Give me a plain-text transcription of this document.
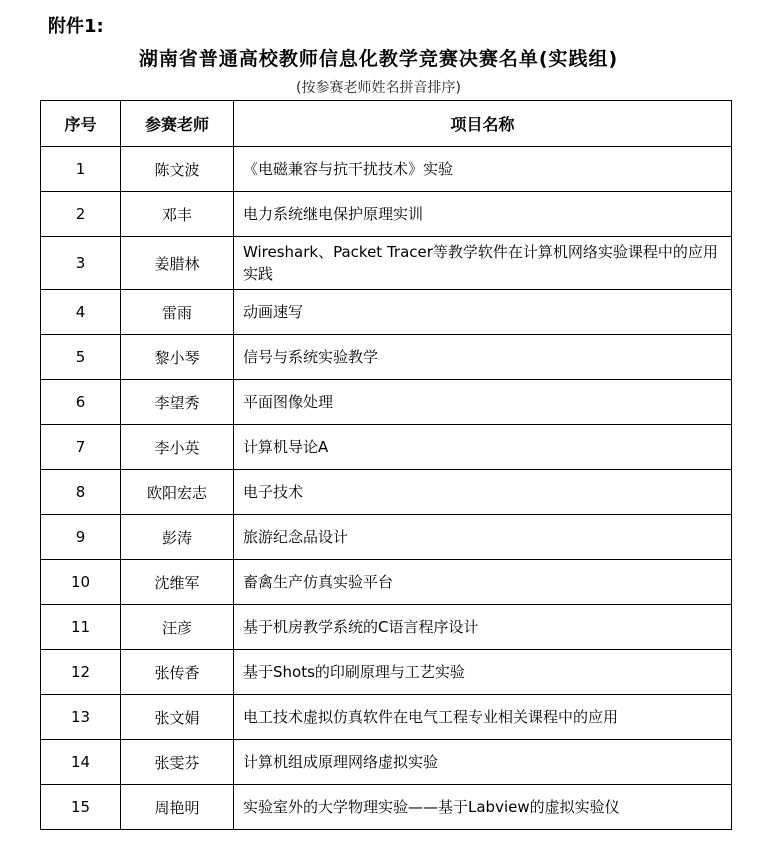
附件1:
湖南省普通高校教师信息化教学竞赛决赛名单(实践组)
(按参赛老师姓名拼音排序)
序号	参赛老师	项目名称
1	陈文波	《电磁兼容与抗干扰技术》实验
2	邓丰	电力系统继电保护原理实训
3	姜腊林	Wireshark、Packet Tracer等教学软件在计算机网络实验课程中的应用实践
4	雷雨	动画速写
5	黎小琴	信号与系统实验教学
6	李望秀	平面图像处理
7	李小英	计算机导论A
8	欧阳宏志	电子技术
9	彭涛	旅游纪念品设计
10	沈维军	畜禽生产仿真实验平台
11	汪彦	基于机房教学系统的C语言程序设计
12	张传香	基于Shots的印刷原理与工艺实验
13	张文娟	电工技术虚拟仿真软件在电气工程专业相关课程中的应用
14	张雯芬	计算机组成原理网络虚拟实验
15	周艳明	实验室外的大学物理实验——基于Labview的虚拟实验仪
